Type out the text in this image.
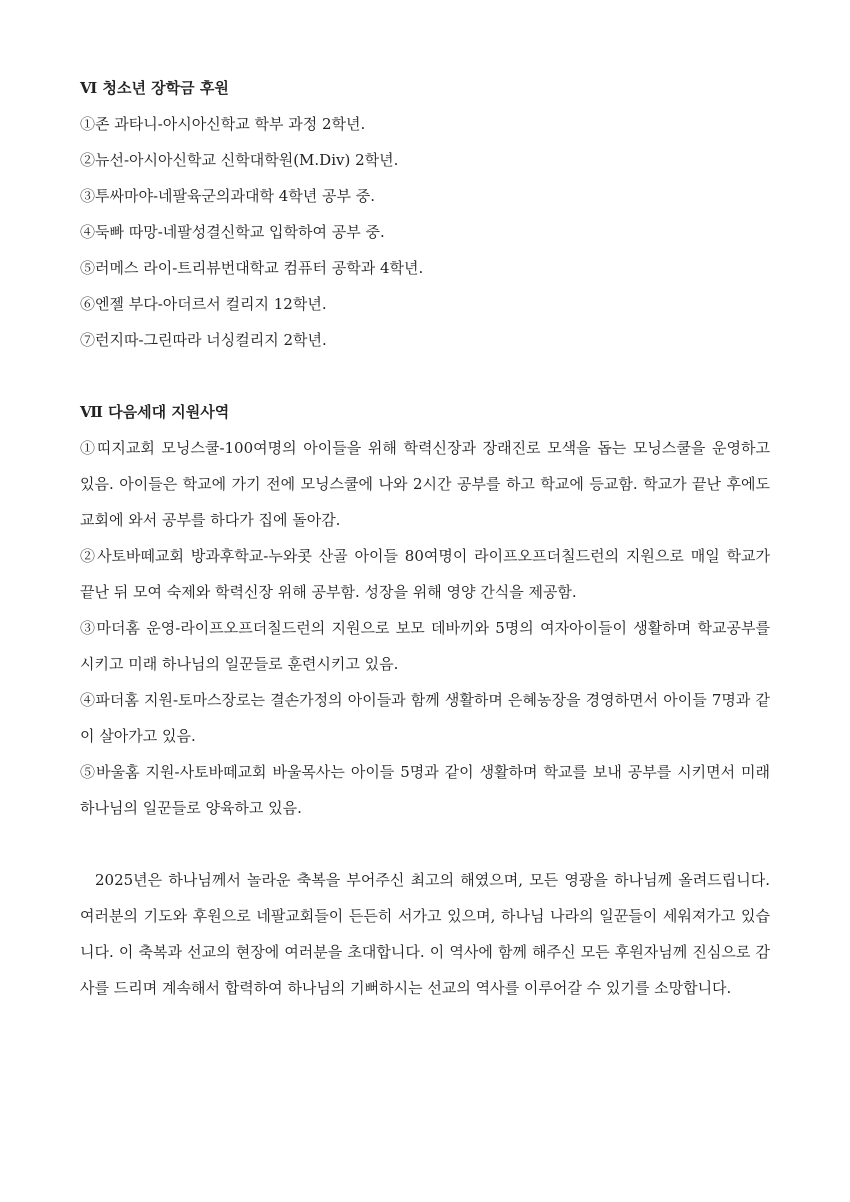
Ⅵ 청소년 장학금 후원
①존 과타니-아시아신학교 학부 과정 2학년.
②뉴선-아시아신학교 신학대학원(M.Div) 2학년.
③투싸마야-네팔육군의과대학 4학년 공부 중.
④둑빠 따망-네팔성결신학교 입학하여 공부 중.
⑤러메스 라이-트리뷰번대학교 컴퓨터 공학과 4학년.
⑥엔젤 부다-아더르서 컬리지 12학년.
⑦런지따-그린따라 너싱컬리지 2학년.
Ⅶ 다음세대 지원사역
①띠지교회 모닝스쿨-100여명의 아이들을 위해 학력신장과 장래진로 모색을 돕는 모닝스쿨을 운영하고 있음. 아이들은 학교에 가기 전에 모닝스쿨에 나와 2시간 공부를 하고 학교에 등교함. 학교가 끝난 후에도 교회에 와서 공부를 하다가 집에 돌아감.
②사토바떼교회 방과후학교-누와콧 산골 아이들 80여명이 라이프오프더칠드런의 지원으로 매일 학교가 끝난 뒤 모여 숙제와 학력신장 위해 공부함. 성장을 위해 영양 간식을 제공함.
③마더홈 운영-라이프오프더칠드런의 지원으로 보모 데바끼와 5명의 여자아이들이 생활하며 학교공부를 시키고 미래 하나님의 일꾼들로 훈련시키고 있음.
④파더홈 지원-토마스장로는 결손가정의 아이들과 함께 생활하며 은혜농장을 경영하면서 아이들 7명과 같이 살아가고 있음.
⑤바울홈 지원-사토바떼교회 바울목사는 아이들 5명과 같이 생활하며 학교를 보내 공부를 시키면서 미래 하나님의 일꾼들로 양육하고 있음.

2025년은 하나님께서 놀라운 축복을 부어주신 최고의 해였으며, 모든 영광을 하나님께 올려드립니다. 여러분의 기도와 후원으로 네팔교회들이 든든히 서가고 있으며, 하나님 나라의 일꾼들이 세워져가고 있습니다. 이 축복과 선교의 현장에 여러분을 초대합니다. 이 역사에 함께 해주신 모든 후원자님께 진심으로 감사를 드리며 계속해서 합력하여 하나님의 기뻐하시는 선교의 역사를 이루어갈 수 있기를 소망합니다.
